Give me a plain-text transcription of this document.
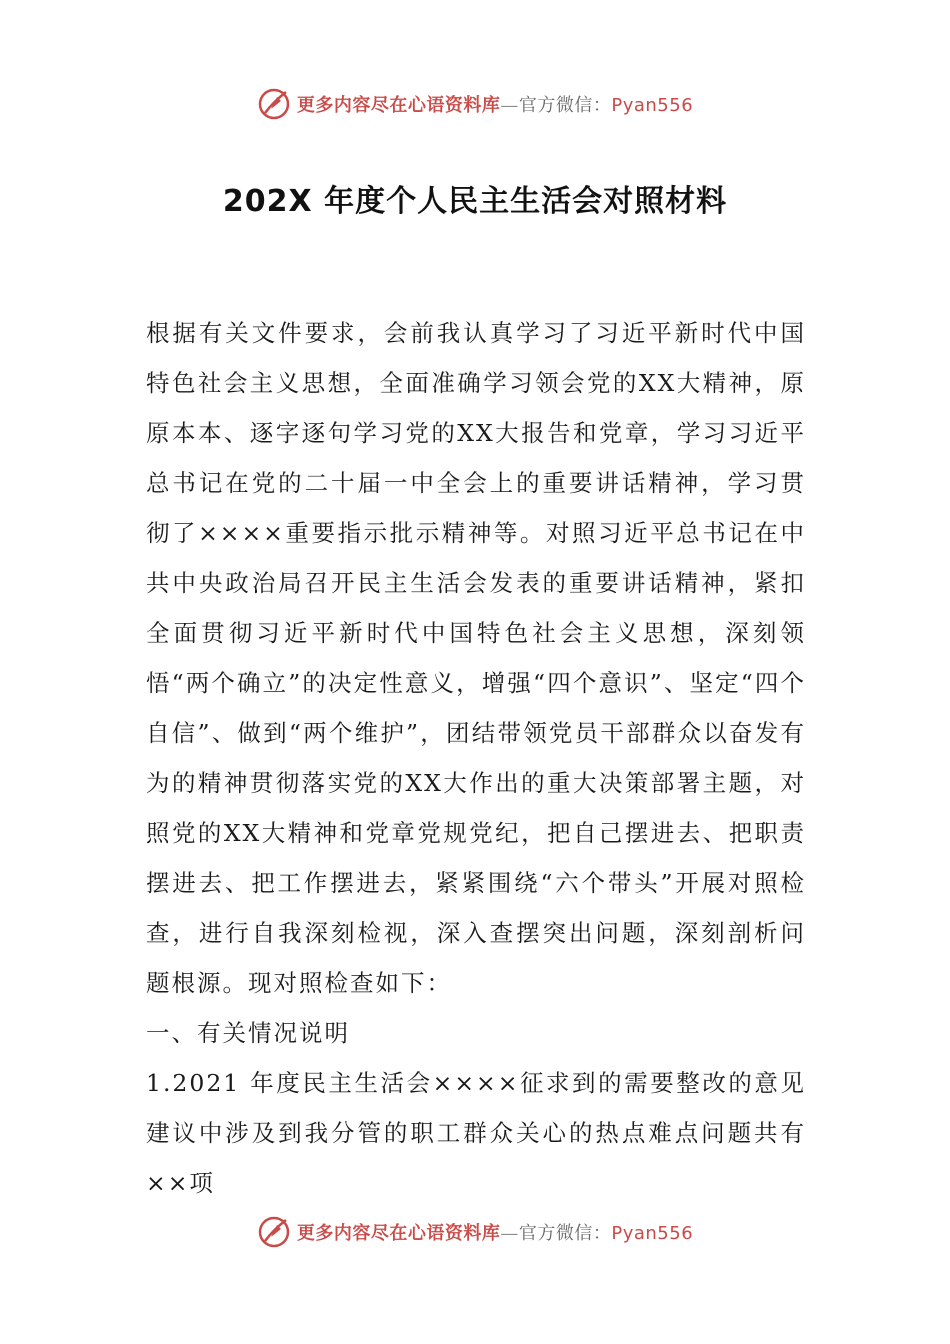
更多内容尽在心语资料库—官方微信：Pyan556
202X 年度个人民主生活会对照材料

根据有关文件要求，会前我认真学习了习近平新时代中国特色社会主义思想，全面准确学习领会党的XX大精神，原原本本、逐字逐句学习党的XX大报告和党章，学习习近平总书记在党的二十届一中全会上的重要讲话精神，学习贯彻了××××重要指示批示精神等。对照习近平总书记在中共中央政治局召开民主生活会发表的重要讲话精神，紧扣全面贯彻习近平新时代中国特色社会主义思想，深刻领悟“两个确立”的决定性意义，增强“四个意识”、坚定“四个自信”、做到“两个维护”，团结带领党员干部群众以奋发有为的精神贯彻落实党的XX大作出的重大决策部署主题，对照党的XX大精神和党章党规党纪，把自己摆进去、把职责摆进去、把工作摆进去，紧紧围绕“六个带头”开展对照检查，进行自我深刻检视，深入查摆突出问题，深刻剖析问题根源。现对照检查如下：

一、有关情况说明

1.2021 年度民主生活会××××征求到的需要整改的意见建议中涉及到我分管的职工群众关心的热点难点问题共有××项

更多内容尽在心语资料库—官方微信：Pyan556
